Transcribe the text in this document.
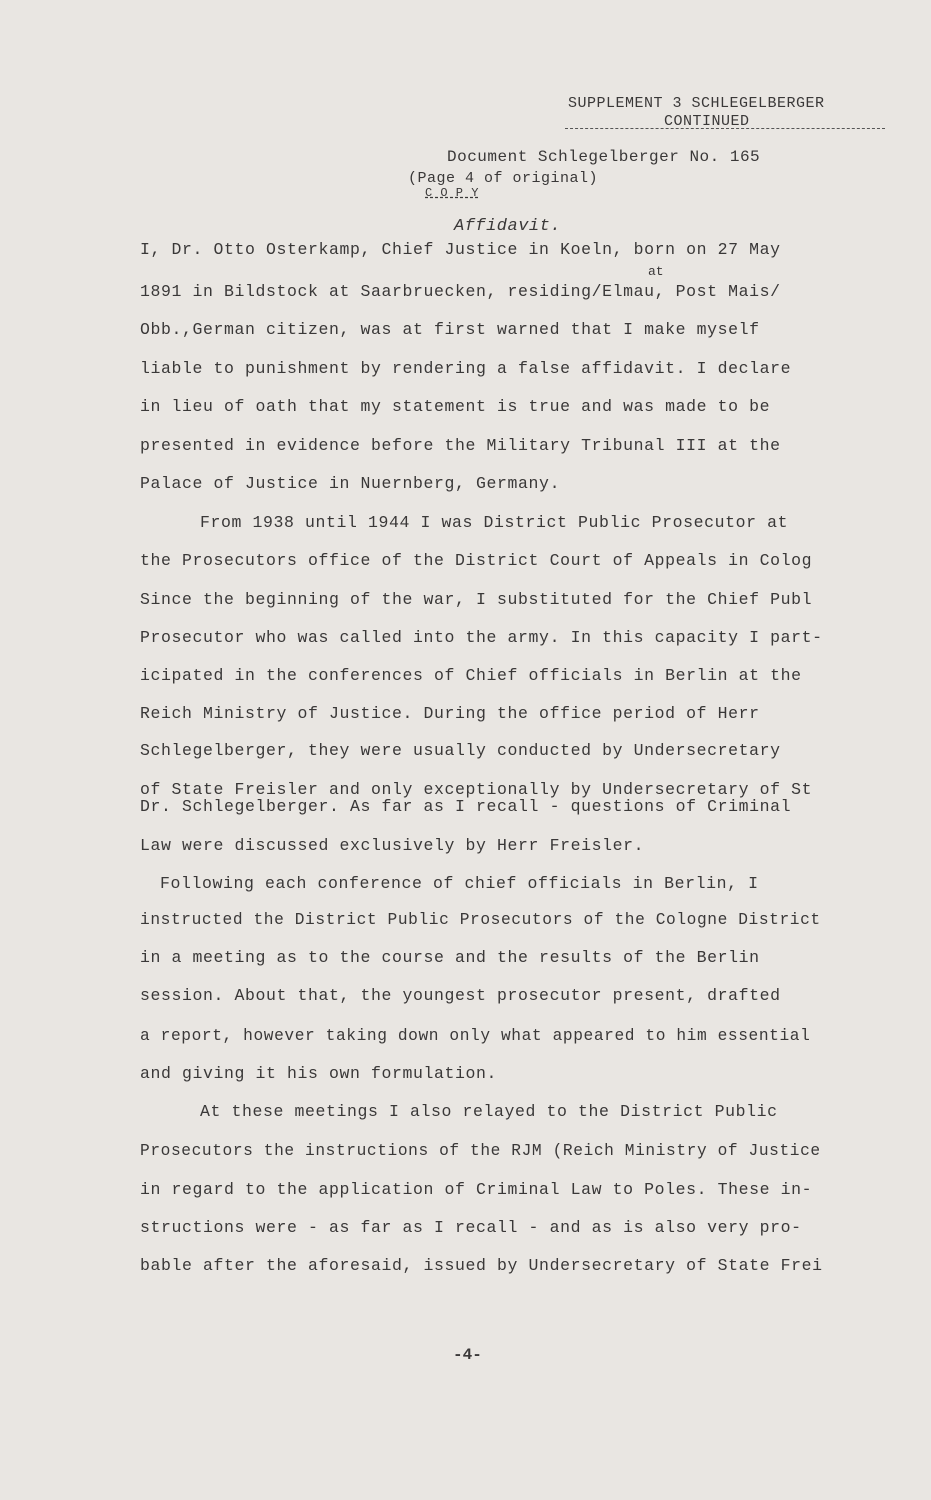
SUPPLEMENT 3 SCHLEGELBERGER
CONTINUED
Document Schlegelberger No. 165
(Page 4 of original)
C O P Y
Affidavit.
I, Dr. Otto Osterkamp, Chief Justice in Koeln, born on 27 May
at
1891 in Bildstock at Saarbruecken, residing/Elmau, Post Mais/
Obb.,German citizen, was at first warned that I make myself
liable to punishment by rendering a false affidavit. I declare
in lieu of oath that my statement is true and was made to be
presented in evidence before the Military Tribunal III at the
Palace of Justice in Nuernberg, Germany.
From 1938 until 1944 I was District Public Prosecutor at
the Prosecutors office of the District Court of Appeals in Colog
Since the beginning of the war, I substituted for the Chief Publ
Prosecutor who was called into the army. In this capacity I part-
icipated in the conferences of Chief officials in Berlin at the
Reich Ministry of Justice. During the office period of Herr
Schlegelberger, they were usually conducted by Undersecretary
of State Freisler and only exceptionally by Undersecretary of St
Dr. Schlegelberger. As far as I recall - questions of Criminal
Law were discussed exclusively by Herr Freisler.
Following each conference of chief officials in Berlin, I
instructed the District Public Prosecutors of the Cologne District
in a meeting as to the course and the results of the Berlin
session. About that, the youngest prosecutor present, drafted
a report, however taking down only what appeared to him essential
and giving it his own formulation.
At these meetings I also relayed to the District Public
Prosecutors the instructions of the RJM (Reich Ministry of Justice
in regard to the application of Criminal Law to Poles. These in-
structions were - as far as I recall - and as is also very pro-
bable after the aforesaid, issued by Undersecretary of State Frei
-4-
